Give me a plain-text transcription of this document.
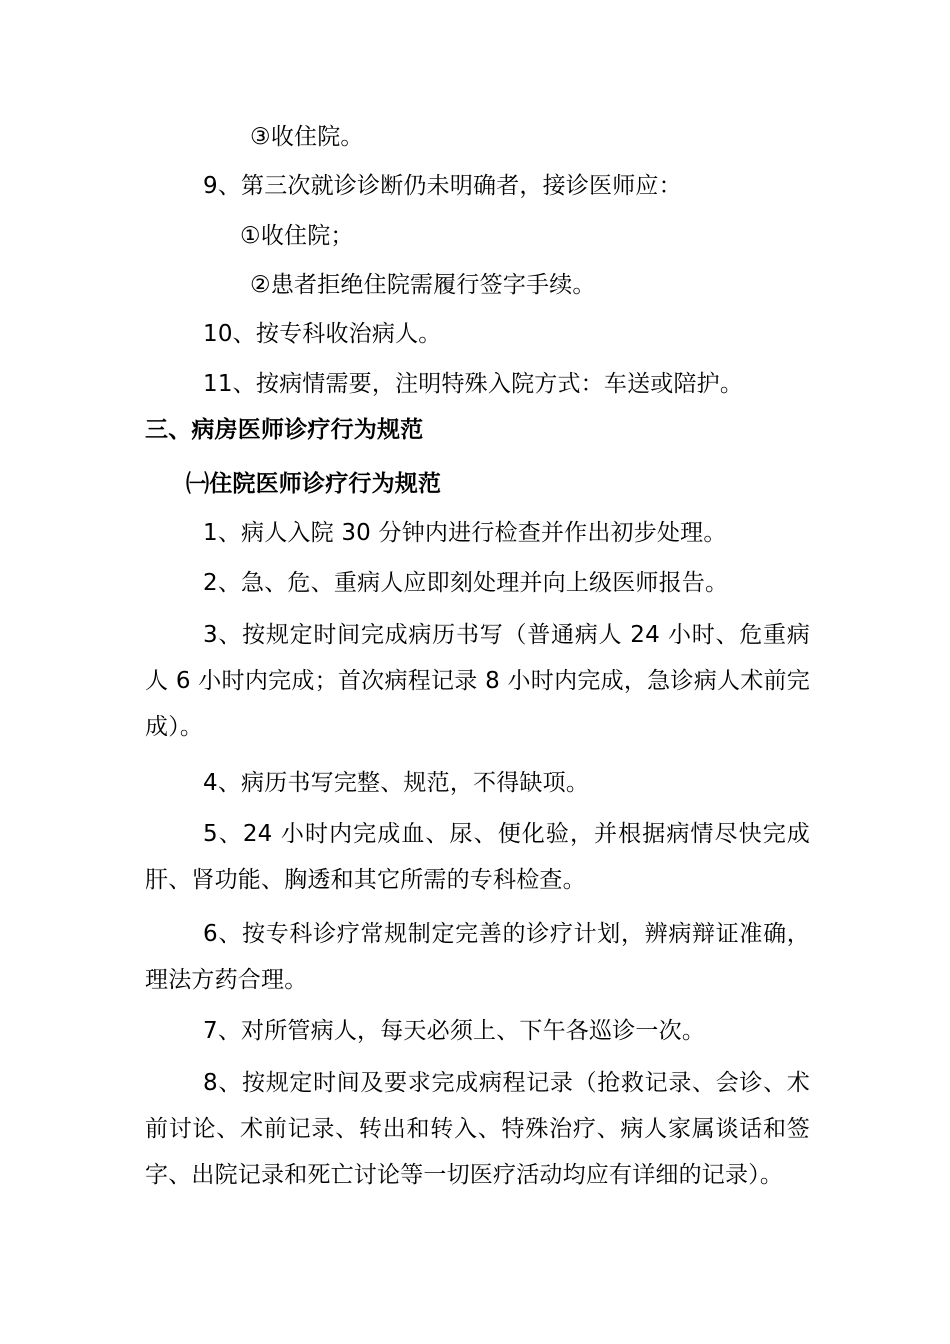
③收住院。
9、第三次就诊诊断仍未明确者，接诊医师应：
①收住院；
②患者拒绝住院需履行签字手续。
10、按专科收治病人。
11、按病情需要，注明特殊入院方式：车送或陪护。
三、病房医师诊疗行为规范
㈠住院医师诊疗行为规范
1、病人入院 30 分钟内进行检查并作出初步处理。
2、急、危、重病人应即刻处理并向上级医师报告。
3、按规定时间完成病历书写（普通病人 24 小时、危重病人 6 小时内完成；首次病程记录 8 小时内完成，急诊病人术前完成）。
4、病历书写完整、规范，不得缺项。
5、24 小时内完成血、尿、便化验，并根据病情尽快完成肝、肾功能、胸透和其它所需的专科检查。
6、按专科诊疗常规制定完善的诊疗计划，辨病辩证准确，理法方药合理。
7、对所管病人，每天必须上、下午各巡诊一次。
8、按规定时间及要求完成病程记录（抢救记录、会诊、术前讨论、术前记录、转出和转入、特殊治疗、病人家属谈话和签字、出院记录和死亡讨论等一切医疗活动均应有详细的记录）。
